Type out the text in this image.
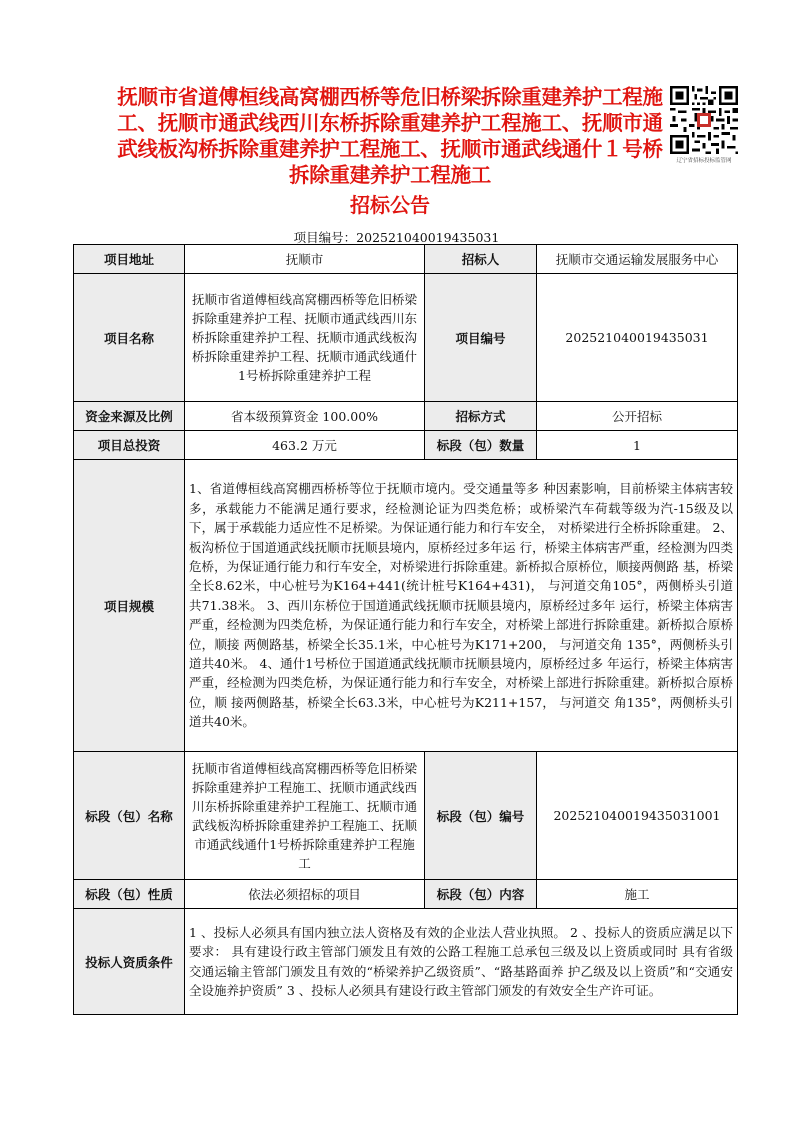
抚顺市省道傅桓线高窝棚西桥等危旧桥梁拆除重建养护工程施工、抚顺市通武线西川东桥拆除重建养护工程施工、抚顺市通武线板沟桥拆除重建养护工程施工、抚顺市通武线通什１号桥拆除重建养护工程施工

招标公告

辽宁省招标投标监管网
项目编号：2025210400194350​31
项目地址	抚顺市	招标人	抚顺市交通运输发展服务中心
项目名称	抚顺市省道傅桓线高窝棚西桥等危旧桥梁拆除重建养护工程、抚顺市通武线西川东桥拆除重建养护工程、抚顺市通武线板沟桥拆除重建养护工程、抚顺市通武线通什1号桥拆除重建养护工程	项目编号	202521040019435031
资金来源及比例	省本级预算资金 100.00%	招标方式	公开招标
项目总投资	463.2 万元	标段（包）数量	1
项目规模	1、省道傅桓线高窝棚西桥桥等位于抚顺市境内。受交通量等多 种因素影响，目前桥梁主体病害较多，承载能力不能满足通行要求，经检测论证为四类危桥；或桥梁汽车荷载等级为汽-15级及以下，属于承载能力适应性不足桥梁。为保证通行能力和行车安全， 对桥梁进行全桥拆除重建。 2、板沟桥位于国道通武线抚顺市抚顺县境内，原桥经过多年运 行，桥梁主体病害严重，经检测为四类危桥，为保证通行能力和行车安全，对桥梁进行拆除重建。新桥拟合原桥位，顺接两侧路 基，桥梁全长8.62米，中心桩号为K164+441(统计桩号K164+431)， 与河道交角105°，两侧桥头引道共71.38米。 3、西川东桥位于国道通武线抚顺市抚顺县境内，原桥经过多年 运行，桥梁主体病害严重，经检测为四类危桥，为保证通行能力和行车安全，对桥梁上部进行拆除重建。新桥拟合原桥位，顺接 两侧路基，桥梁全长35.1米，中心桩号为K171+200， 与河道交角 135°，两侧桥头引道共40米。 4、通什1号桥位于国道通武线抚顺市抚顺县境内，原桥经过多 年运行，桥梁主体病害严重，经检测为四类危桥，为保证通行能力和行车安全，对桥梁上部进行拆除重建。新桥拟合原桥位，顺 接两侧路基，桥梁全长63.3米，中心桩号为K211+157， 与河道交 角135°，两侧桥头引道共40米。		
标段（包）名称	抚顺市省道傅桓线高窝棚西桥等危旧桥梁拆除重建养护工程施工、抚顺市通武线西川东桥拆除重建养护工程施工、抚顺市通武线板沟桥拆除重建养护工程施工、抚顺市通武线通什1号桥拆除重建养护工程施工	标段（包）编号	202521040019435031001
标段（包）性质	依法必须招标的项目	标段（包）内容	施工
投标人资质条件	1 、投标人必须具有国内独立法人资格及有效的企业法人营业执照。 2 、投标人的资质应满足以下要求： 具有建设行政主管部门颁发且有效的公路工程施工总承包三级及以上资质或同时 具有省级交通运输主管部门颁发且有效的“桥梁养护乙级资质”、“路基路面养 护乙级及以上资质”和“交通安全设施养护资质” 3 、投标人必须具有建设行政主管部门颁发的有效安全生产许可证。		
